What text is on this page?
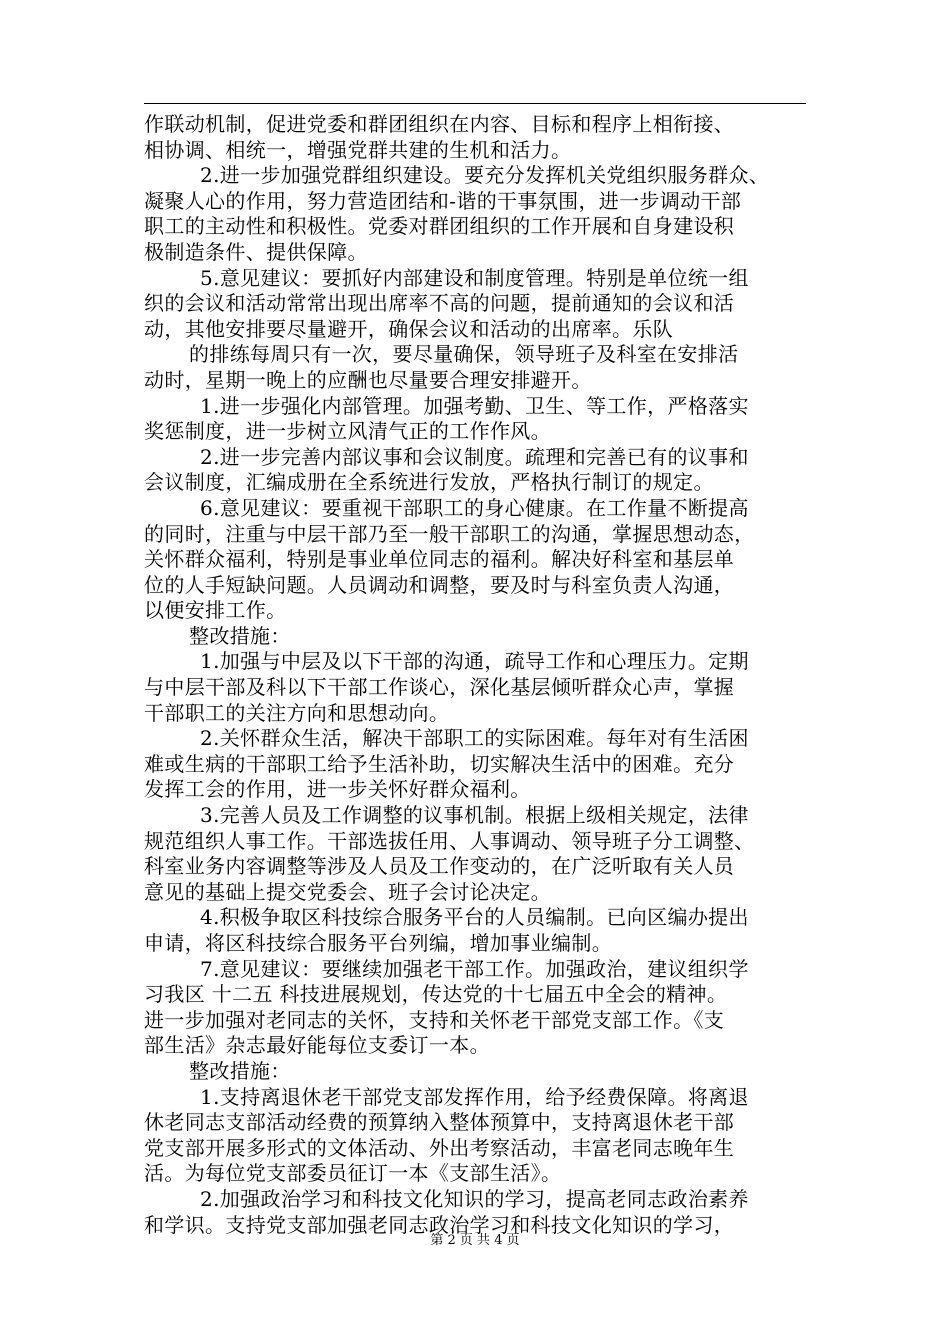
作联动机制，促进党委和群团组织在内容、目标和程序上相衔接、
相协调、相统一，增强党群共建的生机和活力。
2.进一步加强党群组织建设。要充分发挥机关党组织服务群众、
凝聚人心的作用，努力营造团结和-谐的干事氛围，进一步调动干部
职工的主动性和积极性。党委对群团组织的工作开展和自身建设积
极制造条件、提供保障。
5.意见建议：要抓好内部建设和制度管理。特别是单位统一组
织的会议和活动常常出现出席率不高的问题，提前通知的会议和活
动，其他安排要尽量避开，确保会议和活动的出席率。乐队
的排练每周只有一次，要尽量确保，领导班子及科室在安排活
动时，星期一晚上的应酬也尽量要合理安排避开。
1.进一步强化内部管理。加强考勤、卫生、等工作，严格落实
奖惩制度，进一步树立风清气正的工作作风。
2.进一步完善内部议事和会议制度。疏理和完善已有的议事和
会议制度，汇编成册在全系统进行发放，严格执行制订的规定。
6.意见建议：要重视干部职工的身心健康。在工作量不断提高
的同时，注重与中层干部乃至一般干部职工的沟通，掌握思想动态，
关怀群众福利，特别是事业单位同志的福利。解决好科室和基层单
位的人手短缺问题。人员调动和调整，要及时与科室负责人沟通，
以便安排工作。
整改措施：
1.加强与中层及以下干部的沟通，疏导工作和心理压力。定期
与中层干部及科以下干部工作谈心，深化基层倾听群众心声，掌握
干部职工的关注方向和思想动向。
2.关怀群众生活，解决干部职工的实际困难。每年对有生活困
难或生病的干部职工给予生活补助，切实解决生活中的困难。充分
发挥工会的作用，进一步关怀好群众福利。
3.完善人员及工作调整的议事机制。根据上级相关规定，法律
规范组织人事工作。干部选拔任用、人事调动、领导班子分工调整、
科室业务内容调整等涉及人员及工作变动的，在广泛听取有关人员
意见的基础上提交党委会、班子会讨论决定。
4.积极争取区科技综合服务平台的人员编制。已向区编办提出
申请，将区科技综合服务平台列编，增加事业编制。
7.意见建议：要继续加强老干部工作。加强政治，建议组织学
习我区 十二五 科技进展规划，传达党的十七届五中全会的精神。
进一步加强对老同志的关怀，支持和关怀老干部党支部工作。《支
部生活》杂志最好能每位支委订一本。
整改措施：
1.支持离退休老干部党支部发挥作用，给予经费保障。将离退
休老同志支部活动经费的预算纳入整体预算中，支持离退休老干部
党支部开展多形式的文体活动、外出考察活动，丰富老同志晚年生
活。为每位党支部委员征订一本《支部生活》。
2.加强政治学习和科技文化知识的学习，提高老同志政治素养
和学识。支持党支部加强老同志政治学习和科技文化知识的学习，
第 2 页 共 4 页
